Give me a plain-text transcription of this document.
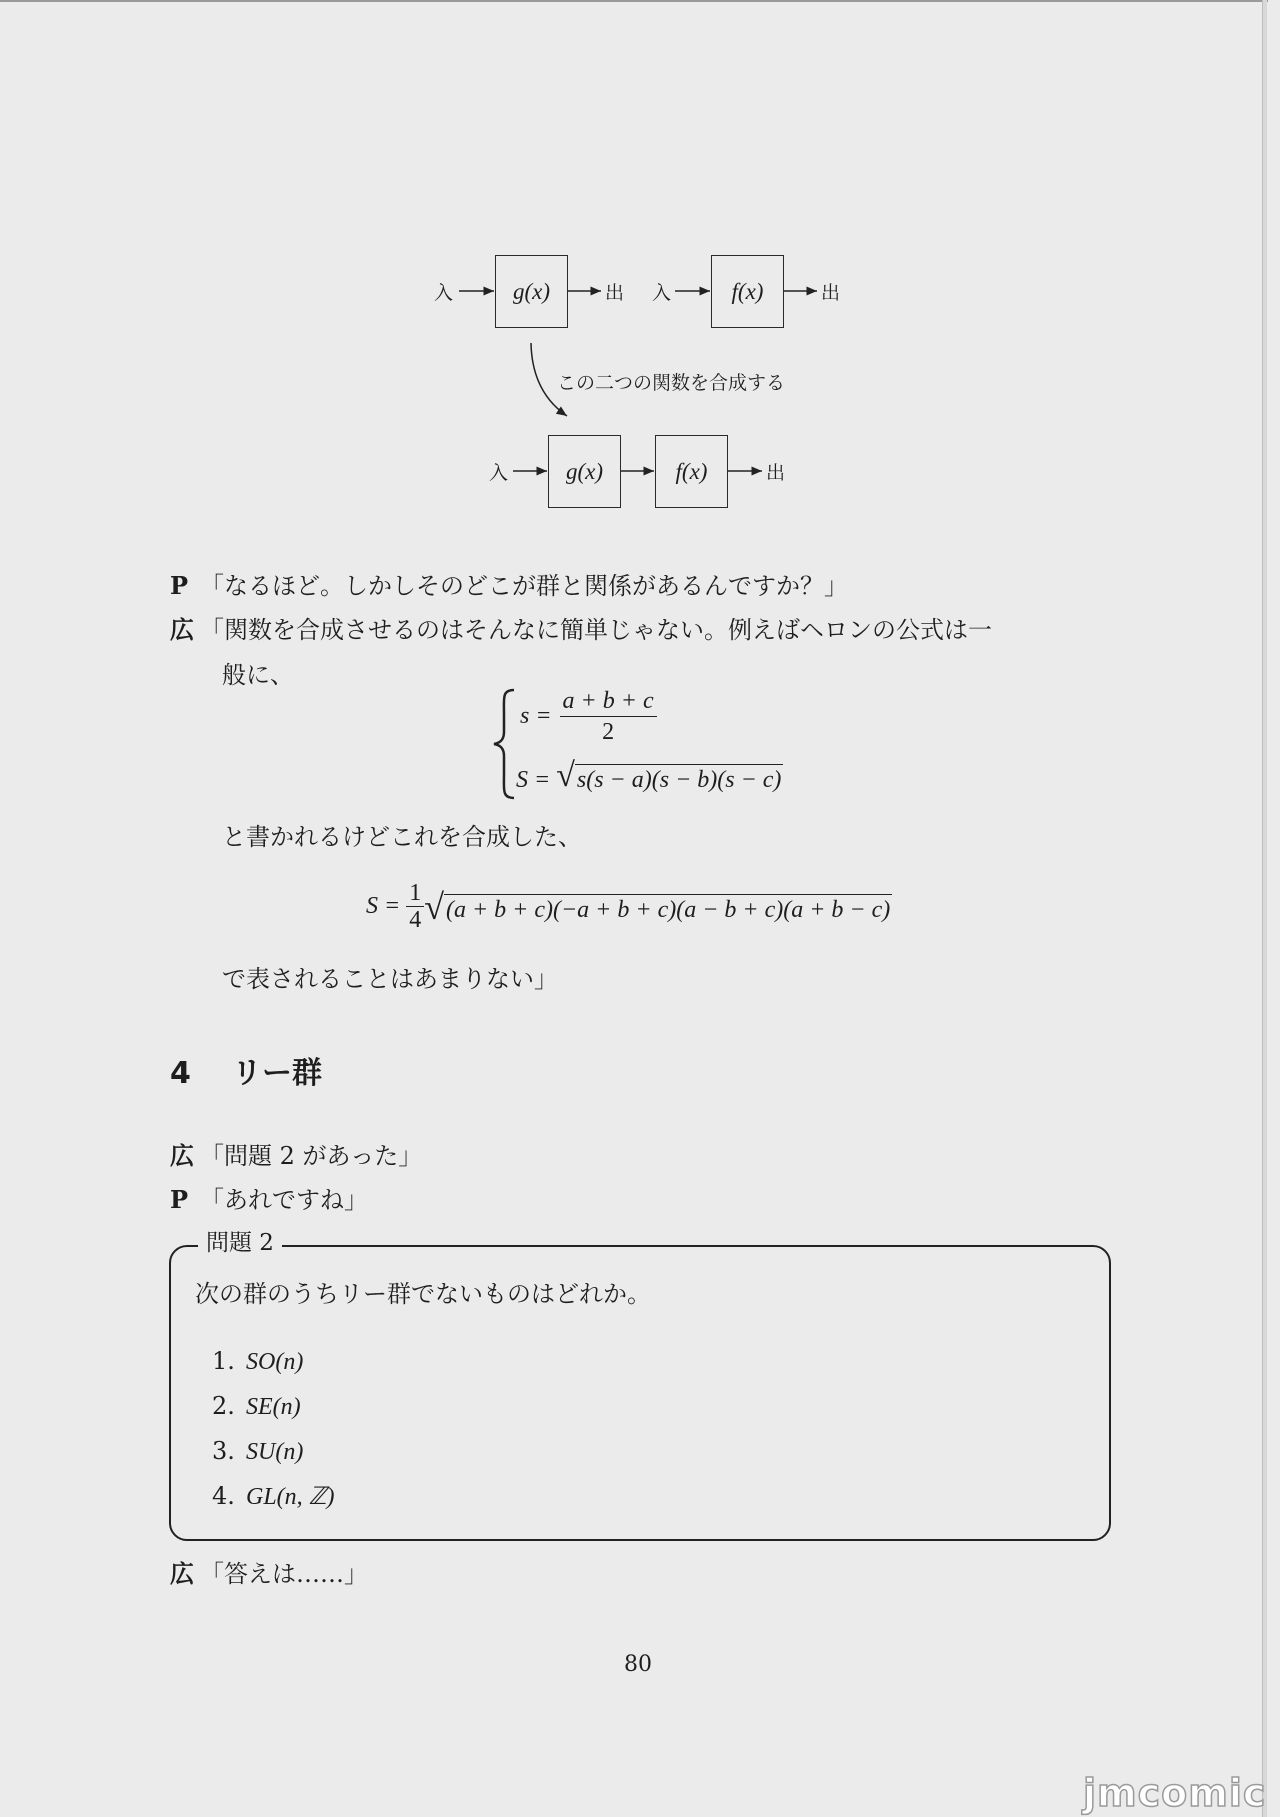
入	g(x)	出 入	f(x)	出
この二つの関数を合成する
入	g(x)	f(x)	出
P 「なるほど。しかしそのどこが群と関係があるんですか？」
広 「関数を合成させるのはそんなに簡単じゃない。例えばヘロンの公式は一
般に、
$s = \frac{a + b + c}{2}$
S = √ s(s − a)(s − b)(s − c)
と書かれるけどこれを合成した、
$S = \frac{1}{4}$ √ (a + b + c)(−a + b + c)(a − b + c)(a + b − c)
で表されることはあまりない」
4 リー群
広 「問題 2 があった」
P 「あれですね」
問題 2
次の群のうちリー群でないものはどれか。
1. SO(n)
2. SE(n)
3. SU(n)
4. GL(n, ℤ)
広 「答えは……」
80
jmcomic
